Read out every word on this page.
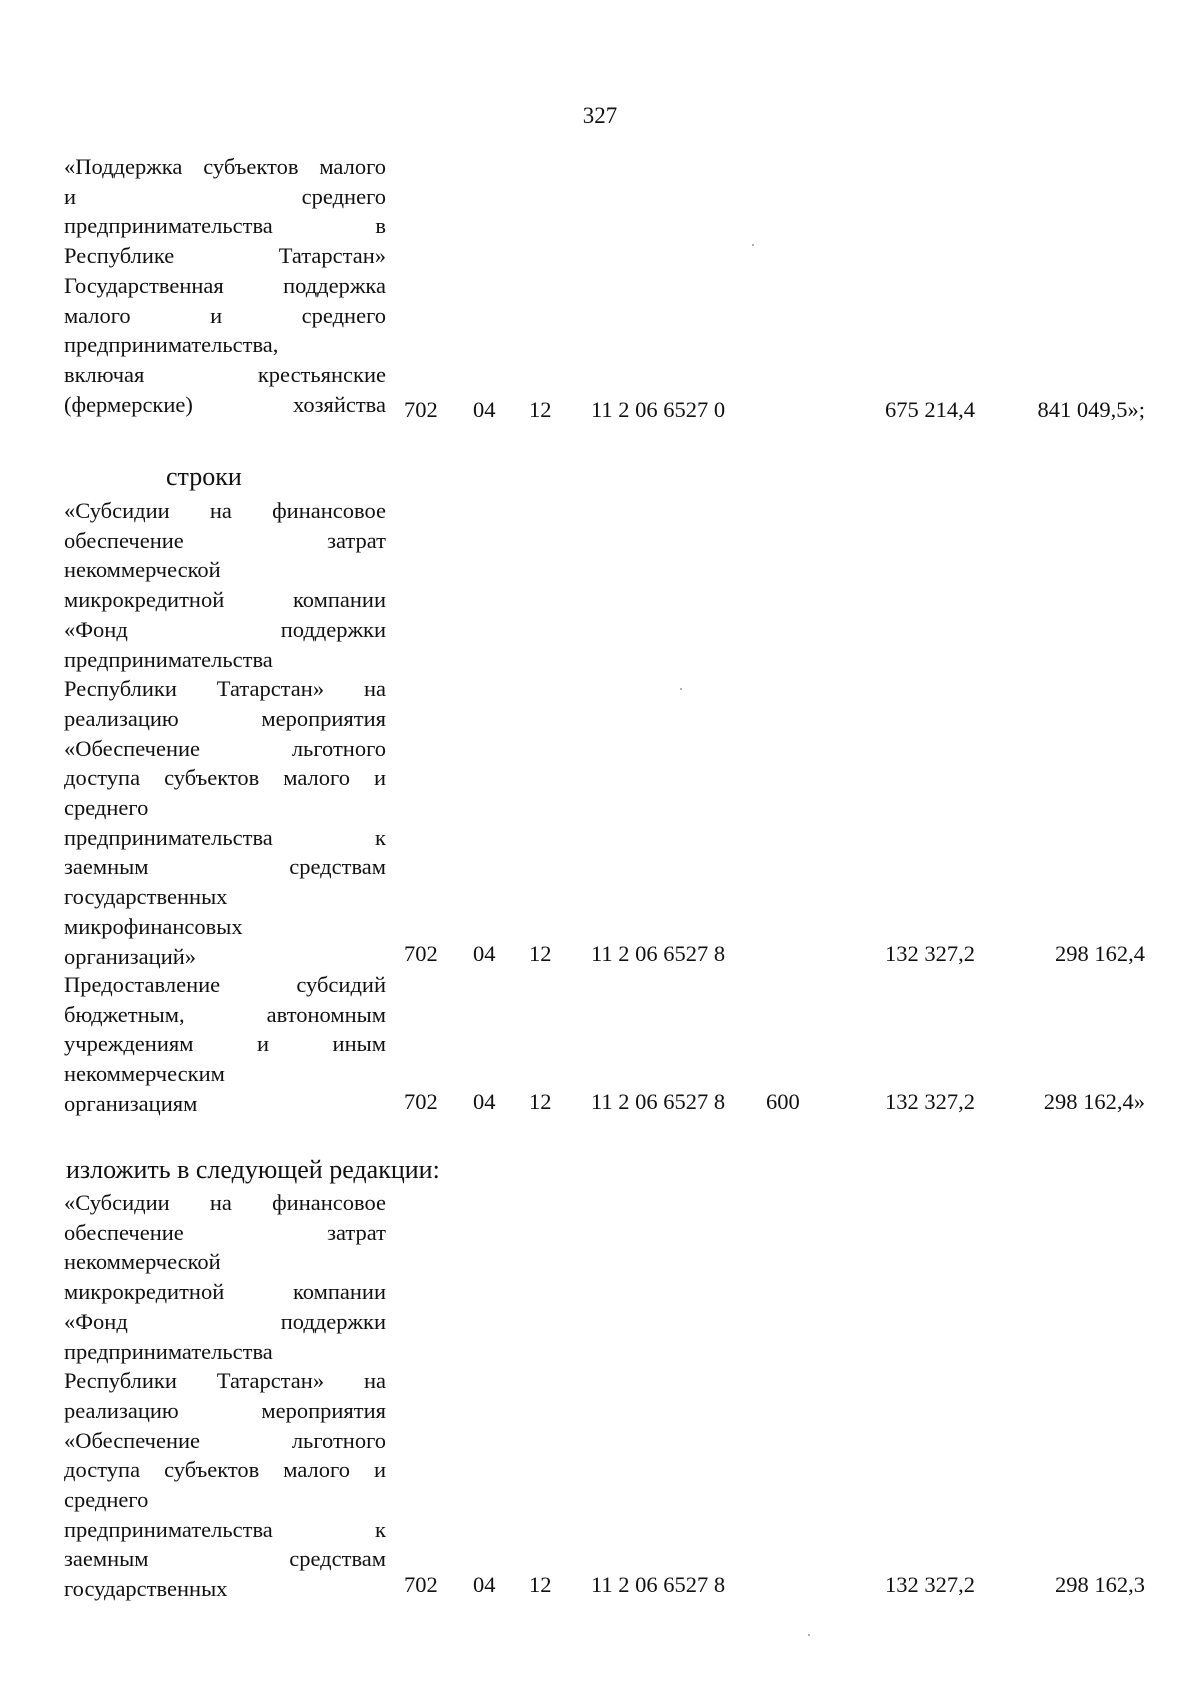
327
«Поддержка субъектов малого
и среднего
предпринимательства в
Республике Татарстан»
Государственная поддержка
малого и среднего
предпринимательства,
включая крестьянские
(фермерские) хозяйства 702 04 12 11 2 06 6527 0	675 214,4	841 049,5»;
строки
«Субсидии на финансовое
обеспечение затрат
некоммерческой
микрокредитной компании
«Фонд поддержки
предпринимательства
Республики Татарстан» на
реализацию мероприятия
«Обеспечение льготного
доступа субъектов малого и
среднего
предпринимательства к
заемным средствам
государственных
микрофинансовых
организаций»	702 04 12 11 2 06 6527 8	132 327,2	298 162,4
Предоставление субсидий
бюджетным, автономным
учреждениям и иным
некоммерческим
организациям	702 04 12 11 2 06 6527 8 600	132 327,2	298 162,4»
изложить в следующей редакции:
«Субсидии на финансовое
обеспечение затрат
некоммерческой
микрокредитной компании
«Фонд поддержки
предпринимательства
Республики Татарстан» на
реализацию мероприятия
«Обеспечение льготного
доступа субъектов малого и
среднего
предпринимательства к
заемным средствам
государственных	702 04 12 11 2 06 6527 8	132 327,2	298 162,3
